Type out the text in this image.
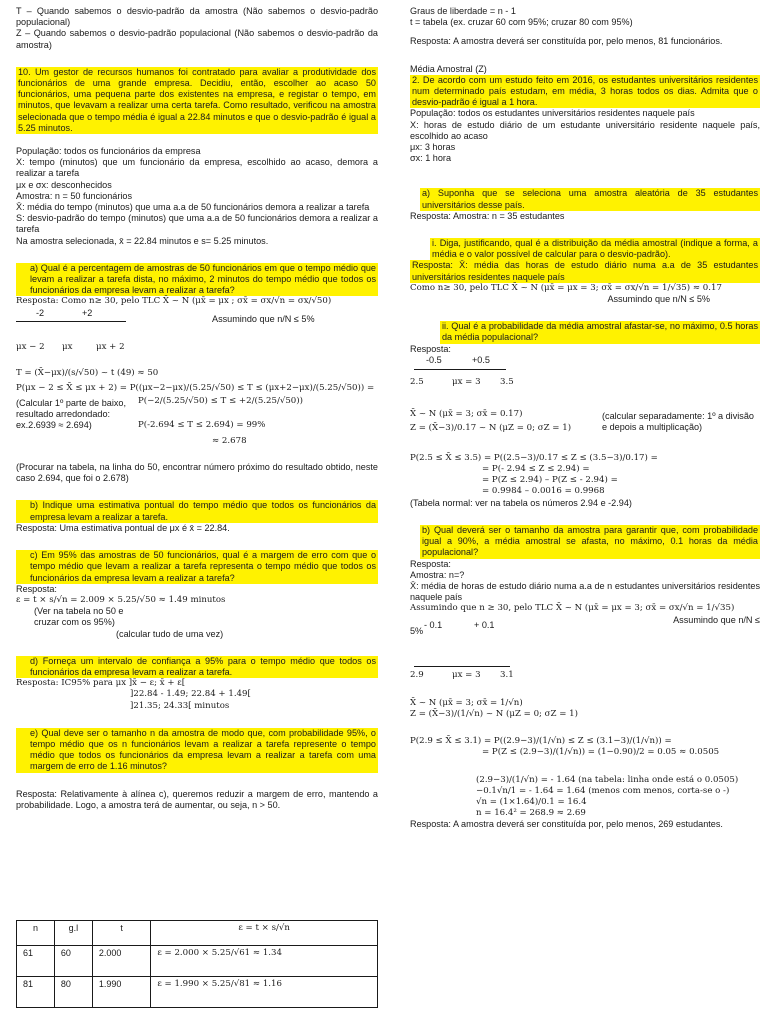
T – Quando sabemos o desvio-padrão da amostra (Não sabemos o desvio-padrão populacional)

Z – Quando sabemos o desvio-padrão populacional (Não sabemos o desvio-padrão da amostra)

10. Um gestor de recursos humanos foi contratado para avaliar a produtividade dos funcionários de uma grande empresa. Decidiu, então, escolher ao acaso 50 funcionários, uma pequena parte dos existentes na empresa, e registar o tempo, em minutos, que levavam a realizar uma certa tarefa. Como resultado, verificou na amostra selecionada que o tempo média é igual a 22.84 minutos e que o desvio-padrão é igual a 5.25 minutos.

População: todos os funcionários da empresa

X: tempo (minutos) que um funcionário da empresa, escolhido ao acaso, demora a realizar a tarefa

μx e σx: desconhecidos

Amostra: n = 50 funcionários

X̄: média do tempo (minutos) que uma a.a de 50 funcionários demora a realizar a tarefa

S: desvio-padrão do tempo (minutos) que uma a.a de 50 funcionários demora a realizar a tarefa

Na amostra selecionada, x̄ = 22.84 minutos e s= 5.25 minutos.

a) Qual é a percentagem de amostras de 50 funcionários em que o tempo médio que levam a realizar a tarefa dista, no máximo, 2 minutos do tempo médio que todos os funcionários da empresa levam a realizar a tarefa?

Resposta: Como n≥ 30, pelo TLC X̄ ~ N (μx̄ = μx ; σx̄ = σx/√n = σx/√50)

-2	+2
Assumindo que n/N ≤ 5%
μx − 2 μx	μx + 2

T = (X̄−μx)/(s/√50) ~ t (49) ≈ 50

P(μx − 2 ≤ X̄ ≤ μx + 2) = P((μx−2−μx)/(5.25/√50) ≤ T ≤ (μx+2−μx)/(5.25/√50)) =

(Calcular 1º parte de baixo, resultado arredondado: ex.2.6939 ≈ 2.694)

P(−2/(5.25/√50) ≤ T ≤ +2/(5.25/√50))

P(-2.694 ≤ T ≤ 2.694) = 99%

≈ 2.678

(Procurar na tabela, na linha do 50, encontrar número próximo do resultado obtido, neste caso 2.694, que foi o 2.678)

b) Indique uma estimativa pontual do tempo médio que todos os funcionários da empresa levam a realizar a tarefa.

Resposta: Uma estimativa pontual de μx é x̄ = 22.84.

c) Em 95% das amostras de 50 funcionários, qual é a margem de erro com que o tempo médio que levam a realizar a tarefa representa o tempo médio que todos os funcionários da empresa levam a realizar a tarefa?

Resposta:

ε = t × s/√n = 2.009 × 5.25/√50 ≈ 1.49 minutos

(Ver na tabela no 50 e cruzar com os 95%)

(calcular tudo de uma vez)

d) Forneça um intervalo de confiança a 95% para o tempo médio que todos os funcionários da empresa levam a realizar a tarefa.

Resposta: IC95% para μx ]x̄ − ε; x̄ + ε[

]22.84 - 1.49; 22.84 + 1.49[

]21.35; 24.33[ minutos

e) Qual deve ser o tamanho n da amostra de modo que, com probabilidade 95%, o tempo médio que os n funcionários levam a realizar a tarefa represente o tempo médio que todos os funcionários da empresa levam a realizar a tarefa com uma margem de erro de 1.16 minutos?

Resposta: Relativamente à alínea c), queremos reduzir a margem de erro, mantendo a probabilidade. Logo, a amostra terá de aumentar, ou seja, n > 50.

n	g.l	t	ε = t × s/√n
61	60	2.000	ε = 2.000 × 5.25/√61 ≈ 1.34
81	80	1.990	ε = 1.990 × 5.25/√81 ≈ 1.16

Graus de liberdade = n - 1

t = tabela (ex. cruzar 60 com 95%; cruzar 80 com 95%)

Resposta: A amostra deverá ser constituída por, pelo menos, 81 funcionários.

Média Amostral (Z)

2. De acordo com um estudo feito em 2016, os estudantes universitários residentes num determinado país estudam, em média, 3 horas todos os dias. Admita que o desvio-padrão é igual a 1 hora.

População: todos os estudantes universitários residentes naquele país

X: horas de estudo diário de um estudante universitário residente naquele país, escolhido ao acaso

μx: 3 horas

σx: 1 hora

a) Suponha que se seleciona uma amostra aleatória de 35 estudantes universitários desse país.

Resposta: Amostra: n = 35 estudantes

i. Diga, justificando, qual é a distribuição da média amostral (indique a forma, a média e o valor possível de calcular para o desvio-padrão).

Resposta: X̄: média das horas de estudo diário numa a.a de 35 estudantes universitários residentes naquele país

Como n≥ 30, pelo TLC X̄ ~ N (μx̄ = μx = 3; σx̄ = σx/√n = 1/√35) ≈ 0.17

Assumindo que n/N ≤ 5%

ii. Qual é a probabilidade da média amostral afastar-se, no máximo, 0.5 horas da média populacional?

Resposta:

-0.5	+0.5
2.5	μx = 3 3.5

X̄ ~ N (μx̄ = 3; σx̄ = 0.17)

Z = (X̄−3)/0.17 ~ N (μZ = 0; σZ = 1)

(calcular separadamente: 1º a divisão e depois a multiplicação)

P(2.5 ≤ X̄ ≤ 3.5) = P((2.5−3)/0.17 ≤ Z ≤ (3.5−3)/0.17) =

= P(- 2.94 ≤ Z ≤ 2.94) =

= P(Z ≤ 2.94) – P(Z ≤ - 2.94) =

= 0.9984 – 0.0016 = 0.9968

(Tabela normal: ver na tabela os números 2.94 e -2.94)

b) Qual deverá ser o tamanho da amostra para garantir que, com probabilidade igual a 90%, a média amostral se afasta, no máximo, 0.1 horas da média populacional?

Resposta:

Amostra: n=?

X̄: média de horas de estudo diário numa a.a de n estudantes universitários residentes naquele país

Assumindo que n ≥ 30, pelo TLC X̄ ~ N (μx̄ = μx = 3; σx̄ = σx/√n = 1/√35)

Assumindo que n/N ≤

5%
- 0.1	+ 0.1
2.9	μx = 3 3.1

X̄ ~ N (μx̄ = 3; σx̄ = 1/√n)

Z = (X̄−3)/(1/√n) ~ N (μZ = 0; σZ = 1)

P(2.9 ≤ X̄ ≤ 3.1) = P((2.9−3)/(1/√n) ≤ Z ≤ (3.1−3)/(1/√n)) =

= P(Z ≤ (2.9−3)/(1/√n)) = (1−0.90)/2 = 0.05 ≈ 0.0505

(2.9−3)/(1/√n) = - 1.64 (na tabela: linha onde está o 0.0505)

−0.1√n/1 = - 1.64 = 1.64 (menos com menos, corta-se o -)

√n = (1×1.64)/0.1 = 16.4

n = 16.4² = 268.9 ≈ 2.69

Resposta: A amostra deverá ser constituída por, pelo menos, 269 estudantes.
